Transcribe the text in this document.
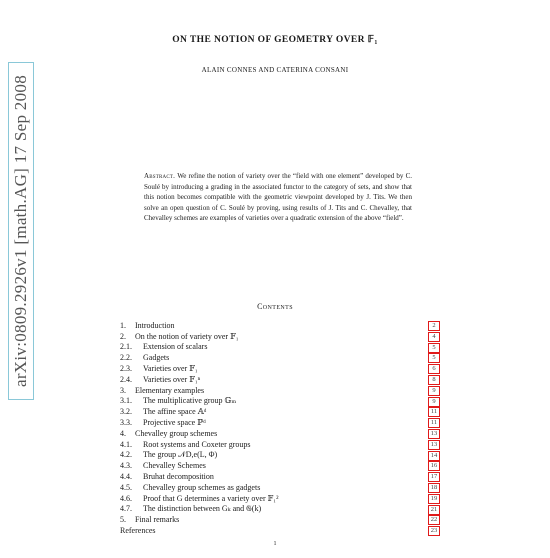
arXiv:0809.2926v1 [math.AG] 17 Sep 2008
ON THE NOTION OF GEOMETRY OVER 𝔽₁
ALAIN CONNES AND CATERINA CONSANI
Abstract. We refine the notion of variety over the “field with one element” developed by C. Soulé by introducing a grading in the associated functor to the category of sets, and show that this notion becomes compatible with the geometric viewpoint developed by J. Tits. We then solve an open question of C. Soulé by proving, using results of J. Tits and C. Chevalley, that Chevalley schemes are examples of varieties over a quadratic extension of the above “field”.
Contents
1.	Introduction	2
2.	On the notion of variety over 𝔽₁	4
2.1.	Extension of scalars	5
2.2.	Gadgets	5
2.3.	Varieties over 𝔽₁	6
2.4.	Varieties over 𝔽₁ⁿ	8
3.	Elementary examples	9
3.1.	The multiplicative group 𝔾ₘ	9
3.2.	The affine space 𝔸ᵈ	11
3.3.	Projective space ℙᵈ	11
4.	Chevalley group schemes	13
4.1.	Root systems and Coxeter groups	13
4.2.	The group 𝒩D,e(L, Φ)	14
4.3.	Chevalley Schemes	16
4.4.	Bruhat decomposition	17
4.5.	Chevalley group schemes as gadgets	18
4.6.	Proof that G determines a variety over 𝔽₁²	19
4.7.	The distinction between Gₖ and 𝔊(k)	21
5.	Final remarks	22
References	23
1
